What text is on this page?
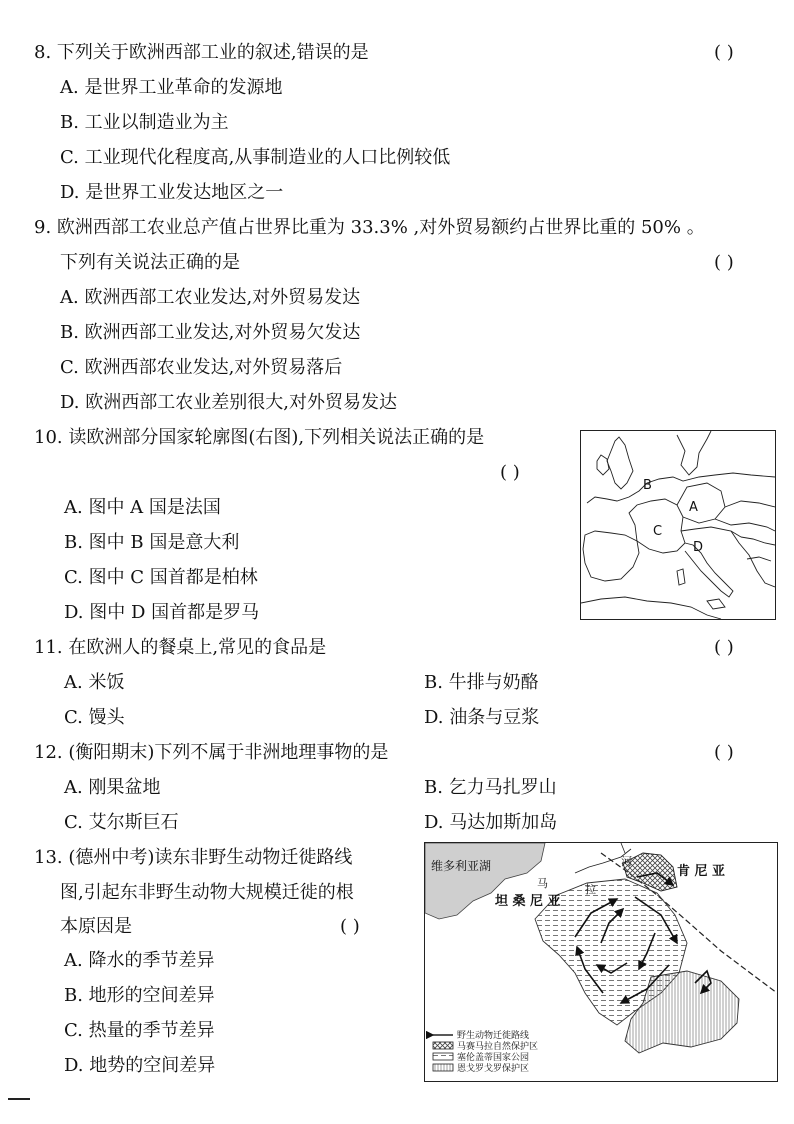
8. 下列关于欧洲西部工业的叙述,错误的是	( )
A. 是世界工业革命的发源地
B. 工业以制造业为主
C. 工业现代化程度高,从事制造业的人口比例较低
D. 是世界工业发达地区之一
9. 欧洲西部工农业总产值占世界比重为 33.3% ,对外贸易额约占世界比重的 50% 。
下列有关说法正确的是	( )
A. 欧洲西部工农业发达,对外贸易发达
B. 欧洲西部工业发达,对外贸易欠发达
C. 欧洲西部农业发达,对外贸易落后
D. 欧洲西部工农业差别很大,对外贸易发达
10. 读欧洲部分国家轮廓图(右图),下列相关说法正确的是
( )
A. 图中 A 国是法国
B. 图中 B 国是意大利
C. 图中 C 国首都是柏林
D. 图中 D 国首都是罗马
A
B
C
D
11. 在欧洲人的餐桌上,常见的食品是	( )
A. 米饭	B. 牛排与奶酪
C. 馒头	D. 油条与豆浆
12. (衡阳期末)下列不属于非洲地理事物的是	( )
A. 刚果盆地	B. 乞力马扎罗山
C. 艾尔斯巨石	D. 马达加斯加岛
13. (德州中考)读东非野生动物迁徙路线
图,引起东非野生动物大规模迁徙的根
本原因是	( )
A. 降水的季节差异
B. 地形的空间差异
C. 热量的季节差异
D. 地势的空间差异
维多利亚湖	河
马	拉
肯 尼 亚
坦 桑 尼 亚
野生动物迁徙路线
马赛马拉自然保护区
塞伦盖蒂国家公园
恩戈罗戈罗保护区
